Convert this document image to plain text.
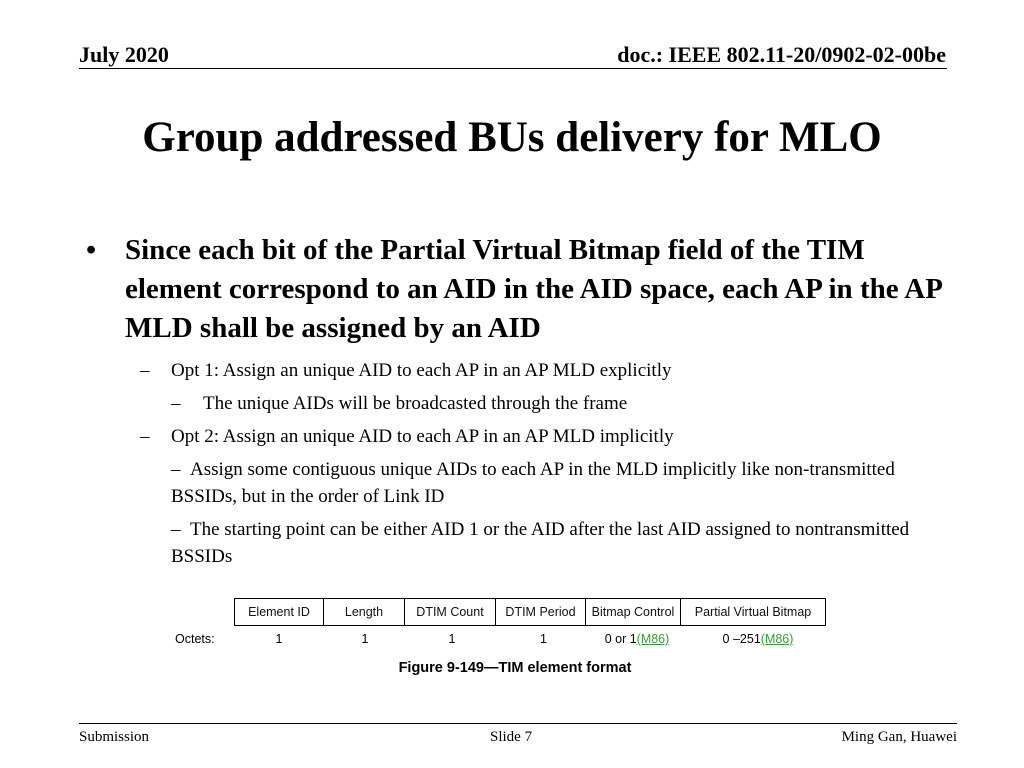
July 2020	doc.: IEEE 802.11-20/0902-02-00be
Group addressed BUs delivery for MLO
• Since each bit of the Partial Virtual Bitmap field of the TIM element correspond to an AID in the AID space, each AP in the AP MLD shall be assigned by an AID
– Opt 1: Assign an unique AID to each AP in an AP MLD explicitly
– The unique AIDs will be broadcasted through the frame
– Opt 2: Assign an unique AID to each AP in an AP MLD implicitly
– Assign some contiguous unique AIDs to each AP in the MLD implicitly like non-transmitted BSSIDs, but in the order of Link ID
– The starting point can be either AID 1 or the AID after the last AID assigned to nontransmitted BSSIDs
Element ID	Length	DTIM Count	DTIM Period	Bitmap Control	Partial Virtual Bitmap
Octets:	1	1	1	1	0 or 1(M86)	0 –251(M86)
Figure 9-149—TIM element format
Submission	Slide 7	Ming Gan, Huawei
